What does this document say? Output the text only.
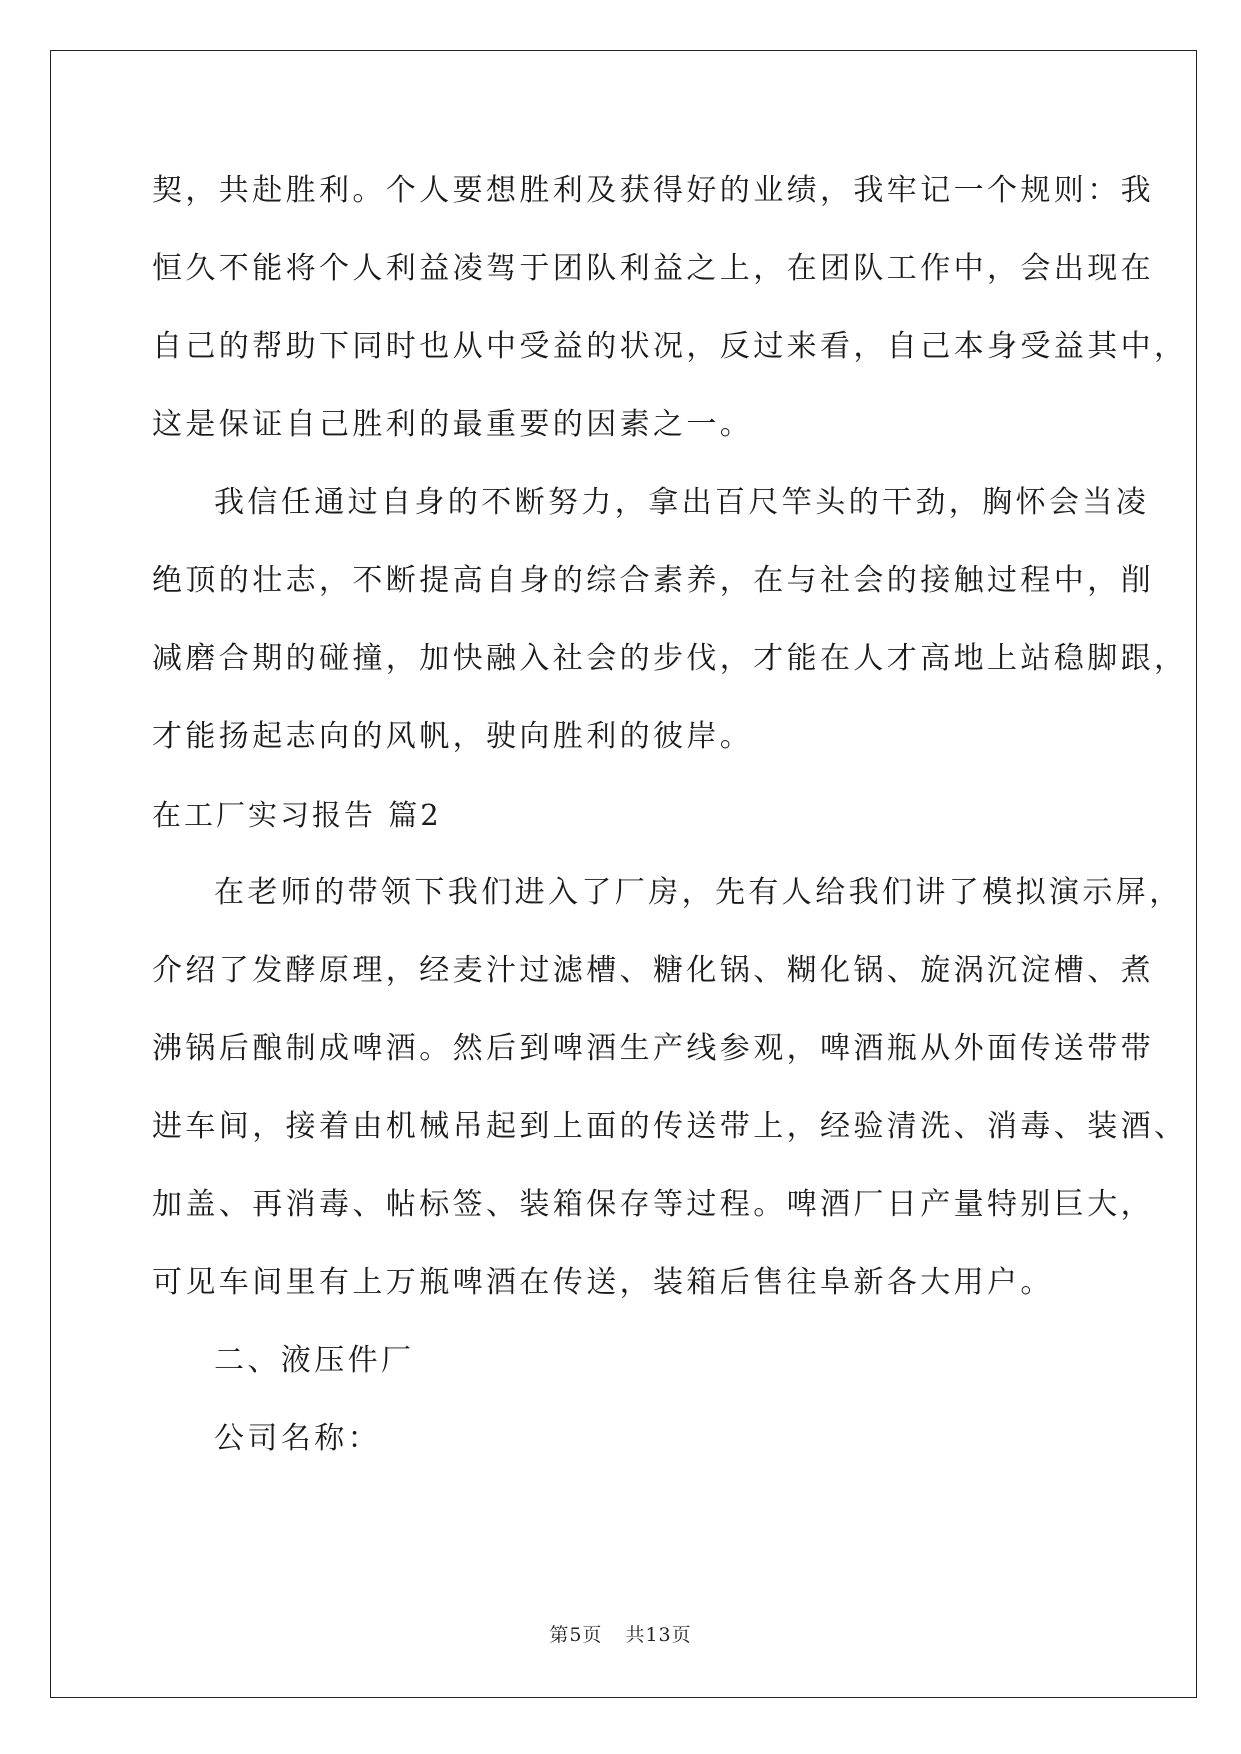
契，共赴胜利。个人要想胜利及获得好的业绩，我牢记一个规则：我
恒久不能将个人利益凌驾于团队利益之上，在团队工作中，会出现在
自己的帮助下同时也从中受益的状况，反过来看，自己本身受益其中，
这是保证自己胜利的最重要的因素之一。
我信任通过自身的不断努力，拿出百尺竿头的干劲，胸怀会当凌
绝顶的壮志，不断提高自身的综合素养，在与社会的接触过程中，削
减磨合期的碰撞，加快融入社会的步伐，才能在人才高地上站稳脚跟，
才能扬起志向的风帆，驶向胜利的彼岸。
在工厂实习报告 篇2
在老师的带领下我们进入了厂房，先有人给我们讲了模拟演示屏，
介绍了发酵原理，经麦汁过滤槽、糖化锅、糊化锅、旋涡沉淀槽、煮
沸锅后酿制成啤酒。然后到啤酒生产线参观，啤酒瓶从外面传送带带
进车间，接着由机械吊起到上面的传送带上，经验清洗、消毒、装酒、
加盖、再消毒、帖标签、装箱保存等过程。啤酒厂日产量特别巨大，
可见车间里有上万瓶啤酒在传送，装箱后售往阜新各大用户。
二、液压件厂
公司名称：
第5页 共13页
